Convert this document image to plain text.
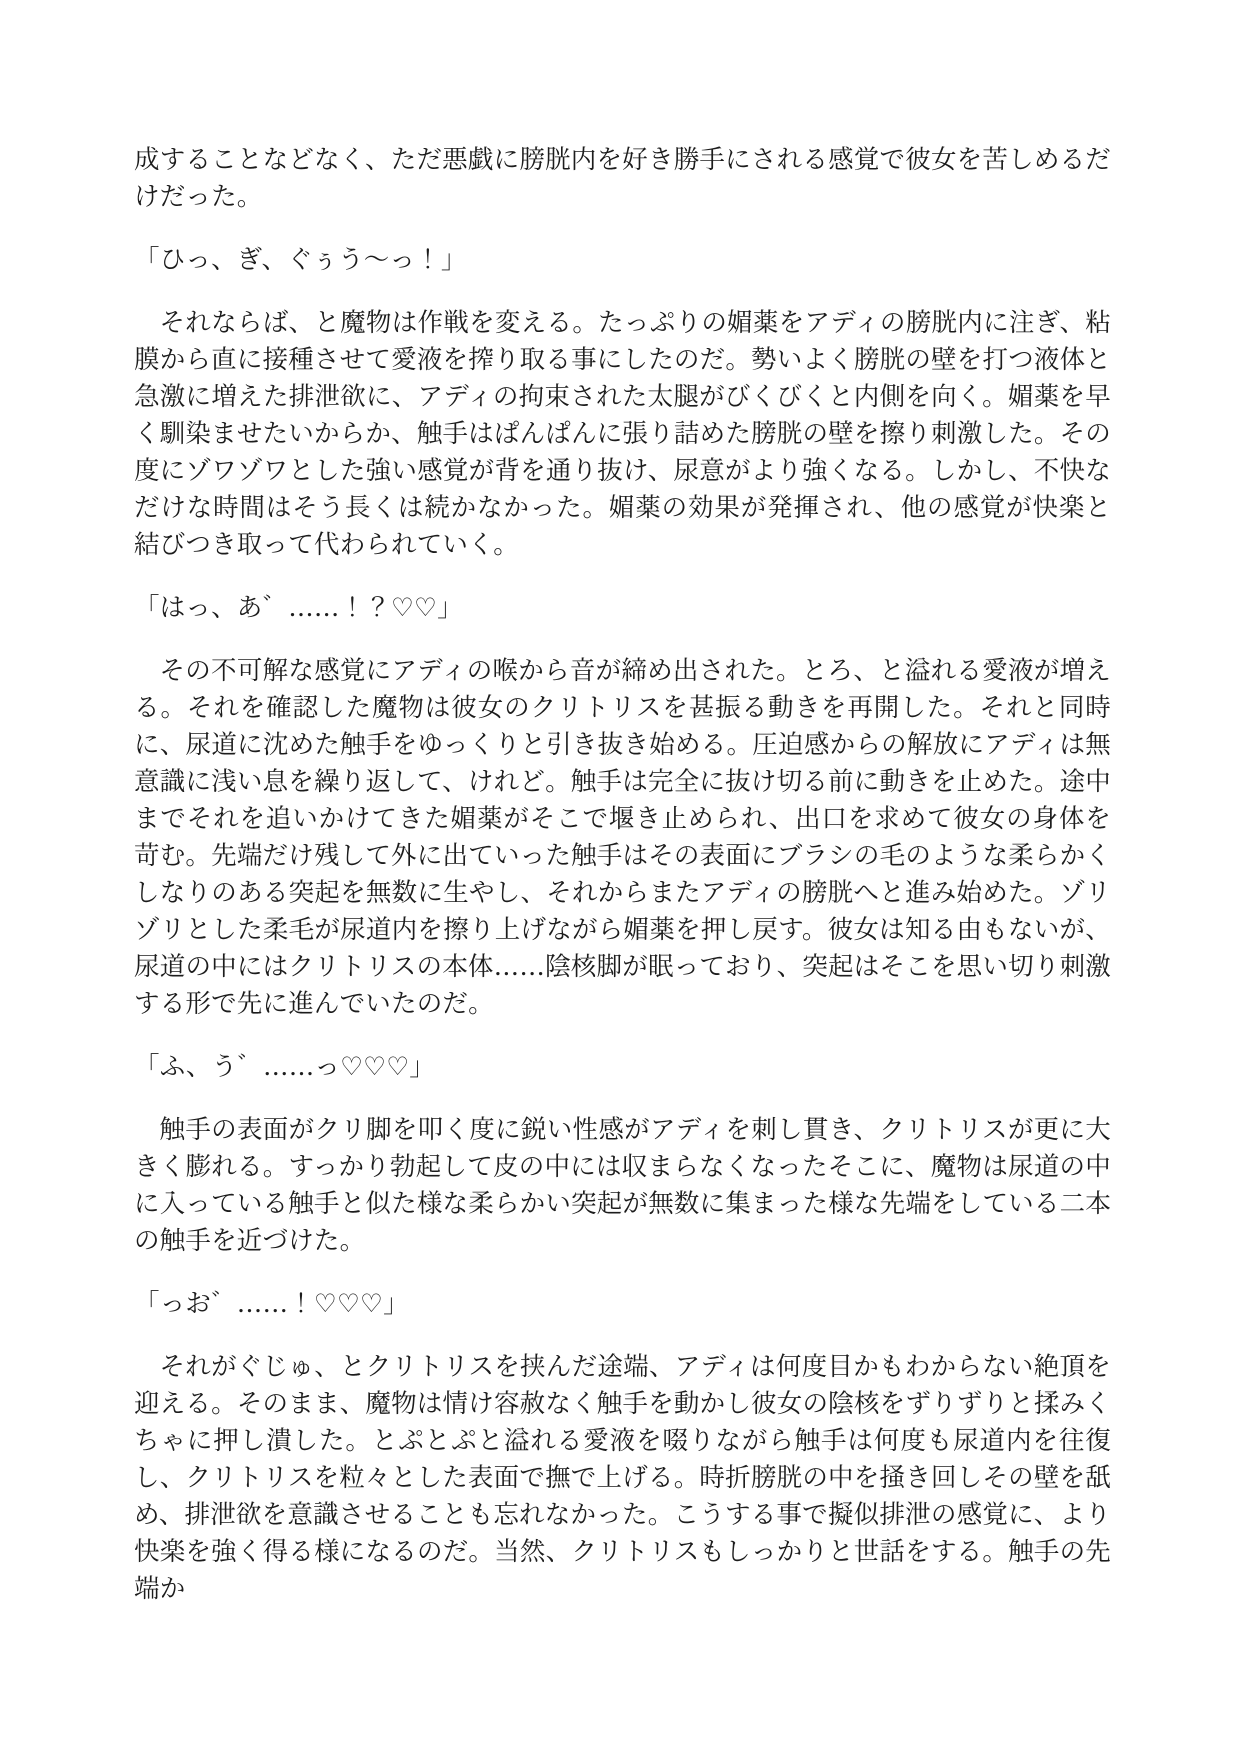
成することなどなく、ただ悪戯に膀胱内を好き勝手にされる感覚で彼女を苦しめるだけだった。

「ひっ、ぎ、ぐぅう～っ！」

それならば、と魔物は作戦を変える。たっぷりの媚薬をアディの膀胱内に注ぎ、粘膜から直に接種させて愛液を搾り取る事にしたのだ。勢いよく膀胱の壁を打つ液体と急激に増えた排泄欲に、アディの拘束された太腿がびくびくと内側を向く。媚薬を早く馴染ませたいからか、触手はぱんぱんに張り詰めた膀胱の壁を擦り刺激した。その度にゾワゾワとした強い感覚が背を通り抜け、尿意がより強くなる。しかし、不快なだけな時間はそう長くは続かなかった。媚薬の効果が発揮され、他の感覚が快楽と結びつき取って代わられていく。

「はっ、あ゛……！？♡♡」

その不可解な感覚にアディの喉から音が締め出された。とろ、と溢れる愛液が増える。それを確認した魔物は彼女のクリトリスを甚振る動きを再開した。それと同時に、尿道に沈めた触手をゆっくりと引き抜き始める。圧迫感からの解放にアディは無意識に浅い息を繰り返して、けれど。触手は完全に抜け切る前に動きを止めた。途中までそれを追いかけてきた媚薬がそこで堰き止められ、出口を求めて彼女の身体を苛む。先端だけ残して外に出ていった触手はその表面にブラシの毛のような柔らかくしなりのある突起を無数に生やし、それからまたアディの膀胱へと進み始めた。ゾリゾリとした柔毛が尿道内を擦り上げながら媚薬を押し戻す。彼女は知る由もないが、尿道の中にはクリトリスの本体……陰核脚が眠っており、突起はそこを思い切り刺激する形で先に進んでいたのだ。

「ふ、う゛……っ♡♡♡」

触手の表面がクリ脚を叩く度に鋭い性感がアディを刺し貫き、クリトリスが更に大きく膨れる。すっかり勃起して皮の中には収まらなくなったそこに、魔物は尿道の中に入っている触手と似た様な柔らかい突起が無数に集まった様な先端をしている二本の触手を近づけた。

「っお゛……！♡♡♡」

それがぐじゅ、とクリトリスを挟んだ途端、アディは何度目かもわからない絶頂を迎える。そのまま、魔物は情け容赦なく触手を動かし彼女の陰核をずりずりと揉みくちゃに押し潰した。とぷとぷと溢れる愛液を啜りながら触手は何度も尿道内を往復し、クリトリスを粒々とした表面で撫で上げる。時折膀胱の中を掻き回しその壁を舐め、排泄欲を意識させることも忘れなかった。こうする事で擬似排泄の感覚に、より快楽を強く得る様になるのだ。当然、クリトリスもしっかりと世話をする。触手の先端か
